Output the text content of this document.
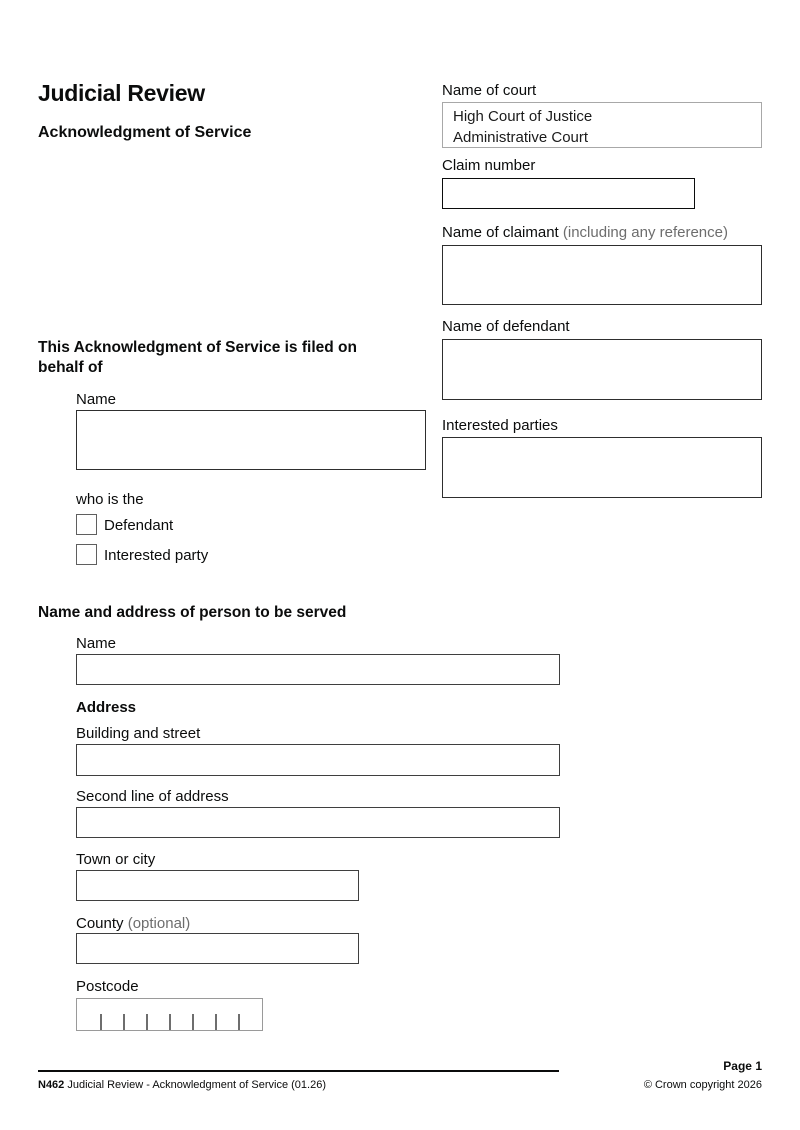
Judicial Review
Acknowledgment of Service
Name of court
High Court of Justice
Administrative Court
Claim number
Name of claimant (including any reference)
Name of defendant
Interested parties
This Acknowledgment of Service is filed on behalf of
Name
who is the
Defendant
Interested party
Name and address of person to be served
Name
Address
Building and street
Second line of address
Town or city
County (optional)
Postcode
Page 1
N462 Judicial Review - Acknowledgment of Service (01.26)	© Crown copyright 2026
